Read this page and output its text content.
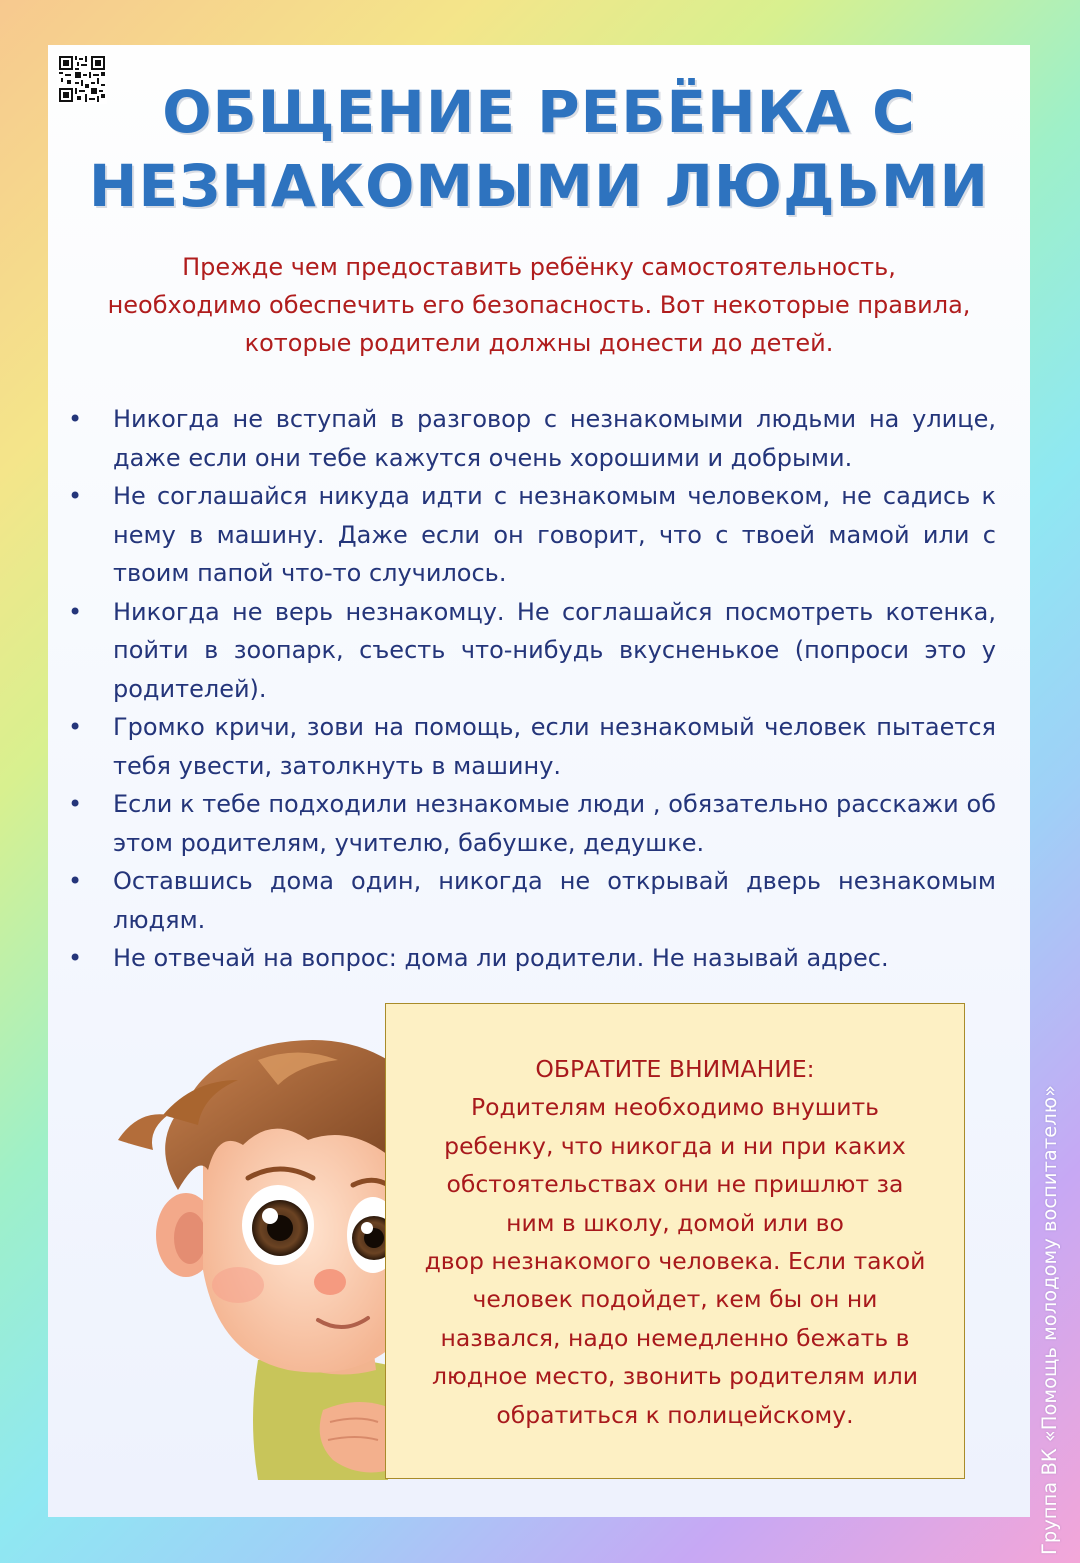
ОБЩЕНИЕ РЕБЁНКА С
НЕЗНАКОМЫМИ ЛЮДЬМИ
Прежде чем предоставить ребёнку самостоятельность,
необходимо обеспечить его безопасность. Вот некоторые правила,
которые родители должны донести до детей.
• Никогда не вступай в разговор с незнакомыми людьми на улице, даже если они тебе кажутся очень хорошими и добрыми.
• Не соглашайся никуда идти с незнакомым человеком, не садись к нему в машину. Даже если он говорит, что с твоей мамой или с твоим папой что-то случилось.
• Никогда не верь незнакомцу. Не соглашайся посмотреть котенка, пойти в зоопарк, съесть что-нибудь вкусненькое (попроси это у родителей).
• Громко кричи, зови на помощь, если незнакомый человек пытается тебя увести, затолкнуть в машину.
• Если к тебе подходили незнакомые люди , обязательно расскажи об этом родителям, учителю, бабушке, дедушке.
• Оставшись дома один, никогда не открывай дверь незнакомым людям.
• Не отвечай на вопрос: дома ли родители. Не называй адрес.

ОБРАТИТЕ ВНИМАНИЕ:

Родителям необходимо внушить

ребенку, что никогда и ни при каких

обстоятельствах они не пришлют за

ним в школу, домой или во

двор незнакомого человека. Если такой

человек подойдет, кем бы он ни

назвался, надо немедленно бежать в

людное место, звонить родителям или

обратиться к полицейскому.	Группа ВК «Помощь молодому воспитателю»
